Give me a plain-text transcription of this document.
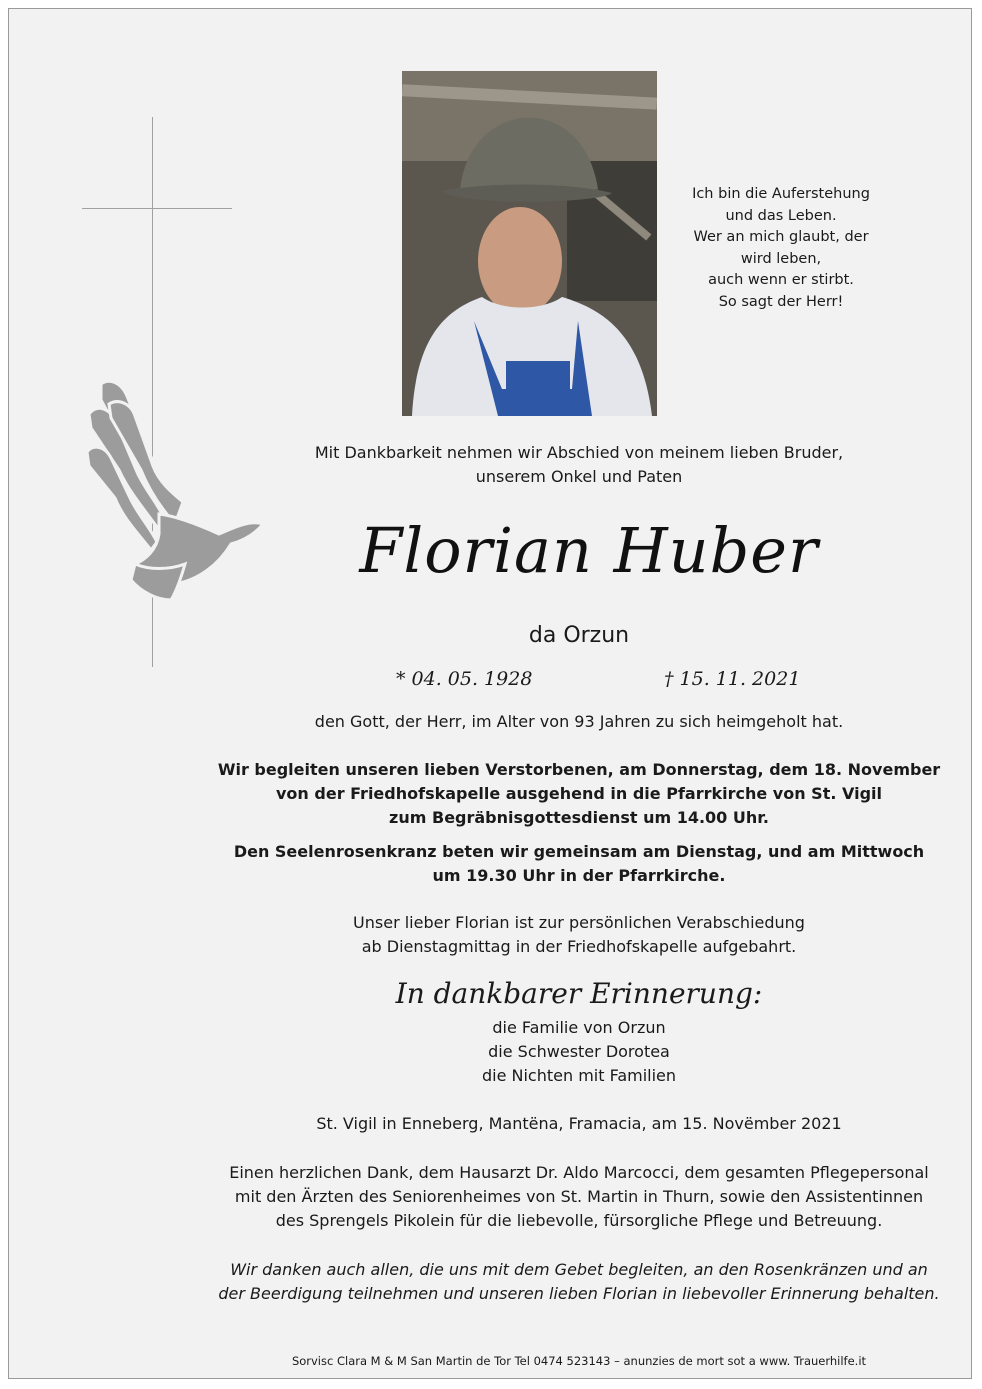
Ich bin die Auferstehung
und das Leben.
Wer an mich glaubt, der
wird leben,
auch wenn er stirbt.
So sagt der Herr!
Mit Dankbarkeit nehmen wir Abschied von meinem lieben Bruder,
unserem Onkel und Paten
Florian Huber
da Orzun
* 04. 05. 1928	† 15. 11. 2021
den Gott, der Herr, im Alter von 93 Jahren zu sich heimgeholt hat.
Wir begleiten unseren lieben Verstorbenen, am Donnerstag, dem 18. November
von der Friedhofskapelle ausgehend in die Pfarrkirche von St. Vigil
zum Begräbnisgottesdienst um 14.00 Uhr.
Den Seelenrosenkranz beten wir gemeinsam am Dienstag, und am Mittwoch
um 19.30 Uhr in der Pfarrkirche.
Unser lieber Florian ist zur persönlichen Verabschiedung
ab Dienstagmittag in der Friedhofskapelle aufgebahrt.
In dankbarer Erinnerung:
die Familie von Orzun
die Schwester Dorotea
die Nichten mit Familien
St. Vigil in Enneberg, Mantëna, Framacia, am 15. Novëmber 2021
Einen herzlichen Dank, dem Hausarzt Dr. Aldo Marcocci, dem gesamten Pflegepersonal
mit den Ärzten des Seniorenheimes von St. Martin in Thurn, sowie den Assistentinnen
des Sprengels Pikolein für die liebevolle, fürsorgliche Pflege und Betreuung.
Wir danken auch allen, die uns mit dem Gebet begleiten, an den Rosenkränzen und an
der Beerdigung teilnehmen und unseren lieben Florian in liebevoller Erinnerung behalten.
Sorvisc Clara M & M San Martin de Tor Tel 0474 523143 – anunzies de mort sot a www. Trauerhilfe.it
